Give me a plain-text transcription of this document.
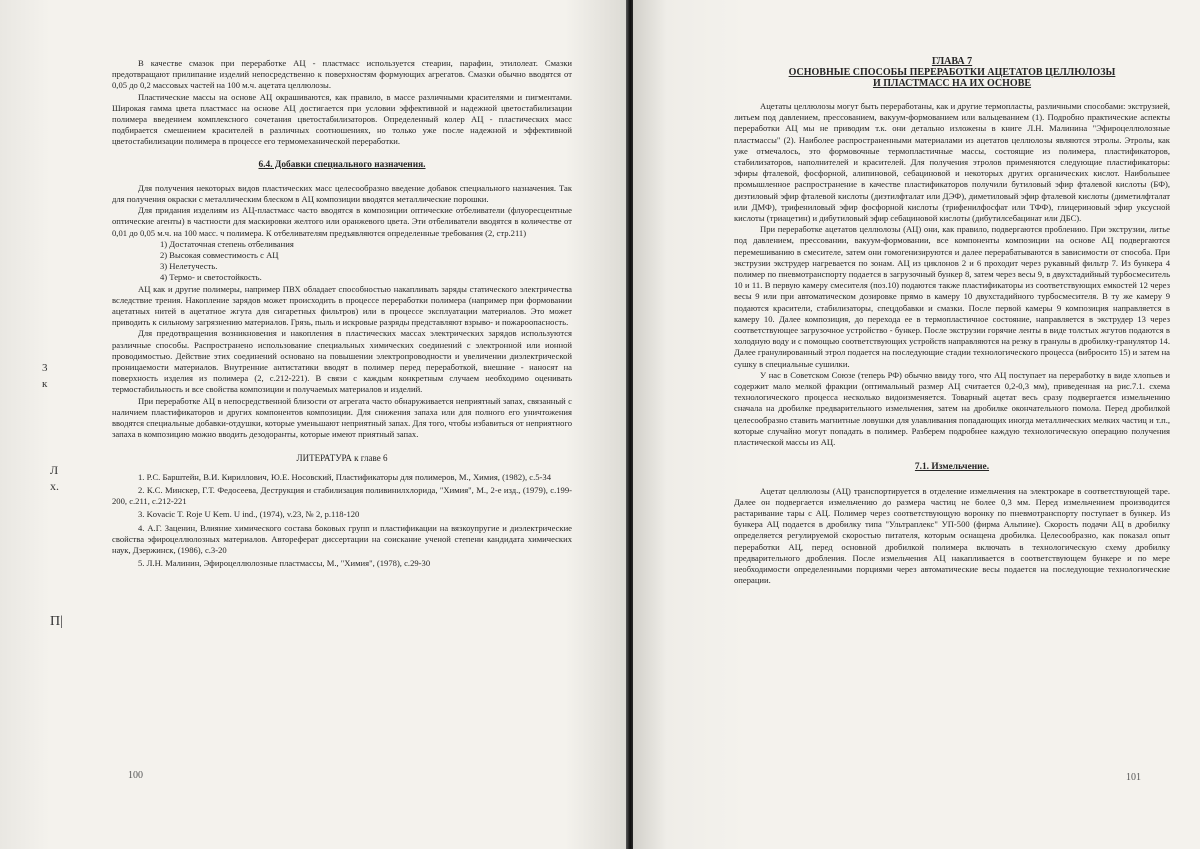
3
к
Л
х.
П|

В качестве смазок при переработке АЦ - пластмасс используется стеарин, парафин, этилолеат. Смазки предотвращают прилипание изделий непосредственно к поверхностям формующих агрегатов. Смазки обычно вводятся от 0,05 до 0,2 массовых частей на 100 м.ч. ацетата целлюлозы.

Пластические массы на основе АЦ окрашиваются, как правило, в массе различными красителями и пигментами. Широкая гамма цвета пластмасс на основе АЦ достигается при условии эффективной и надежной цветостабилизации полимера введением комплексного сочетания цветостабилизаторов. Определенный колер АЦ - пластических масс подбирается смешением красителей в различных соотношениях, но только уже после надежной и эффективной цветостабилизации полимера в процессе его термомеханической переработки.

6.4. Добавки специального назначения.

Для получения некоторых видов пластических масс целесообразно введение добавок специального назначения. Так для получения окраски с металлическим блеском в АЦ композиции вводятся металлические порошки.

Для придания изделиям из АЦ-пластмасс часто вводятся в композиции оптические отбеливатели (флуоресцентные оптические агенты) в частности для маскировки желтого или оранжевого цвета. Эти отбеливатели вводятся в количестве от 0,01 до 0,05 м.ч. на 100 масс. ч полимера. К отбеливателям предъявляются определенные требования (2, стр.211)

1) Достаточная степень отбеливания
2) Высокая совместимость с АЦ
3) Нелетучесть.
4) Термо- и светостойкость.

АЦ как и другие полимеры, например ПВХ обладает способностью накапливать заряды статического электричества вследствие трения. Накопление зарядов может происходить в процессе переработки полимера (например при формовании ацетатных нитей в ацетатное жгута для сигаретных фильтров) или в процессе эксплуатации материалов. Это может приводить к сильному загрязнению материалов. Грязь, пыль и искровые разряды представляют взрыво- и пожароопасность.

Для предотвращения возникновения и накопления в пластических массах электрических зарядов используются различные способы. Распространено использование специальных химических соединений с электронной или ионной проводимостью. Действие этих соединений основано на повышении электропроводности и увеличении диэлектрической проницаемости материалов. Внутренние антистатики вводят в полимер перед переработкой, внешние - наносят на поверхность изделия из полимера (2, с.212-221). В связи с каждым конкретным случаем необходимо оценивать термостабильность и все свойства композиции и получаемых материалов и изделий.

При переработке АЦ в непосредственной близости от агрегата часто обнаруживается неприятный запах, связанный с наличием пластификаторов и других компонентов композиции. Для снижения запаха или для полного его уничтожения вводятся специальные добавки-отдушки, которые уменьшают неприятный запах. Для того, чтобы избавиться от неприятного запаха в композицию можно вводить дезодоранты, которые имеют приятный запах.

ЛИТЕРАТУРА к главе 6

1. Р.С. Барштейн, В.И. Кириллович, Ю.Е. Носовский, Пластификаторы для полимеров, М., Химия, (1982), с.5-34

2. К.С. Минскер, Г.Т. Федосеева, Деструкция и стабилизация поливинилхлорида, "Химия", М., 2-е изд., (1979), с.199-200, с.211, с.212-221

3. Kovacic T. Roje U Kem. U ind., (1974), v.23, № 2, p.118-120

4. А.Г. Заценин, Влияние химического состава боковых групп и пластификации на вязкоупругие и диэлектрические свойства эфироцеллюлозных материалов. Автореферат диссертации на соискание ученой степени кандидата химических наук, Дзержинск, (1986), с.3-20

5. Л.Н. Малинин, Эфироцеллюлозные пластмассы, М., "Химия", (1978), с.29-30

100
ГЛАВА 7
ОСНОВНЫЕ СПОСОБЫ ПЕРЕРАБОТКИ АЦЕТАТОВ ЦЕЛЛЮЛОЗЫ
И ПЛАСТМАСС НА ИХ ОСНОВЕ

Ацетаты целлюлозы могут быть переработаны, как и другие термопласты, различными способами: экструзией, литьем под давлением, прессованием, вакуум-формованием или вальцеванием (1). Подробно практические аспекты переработки АЦ мы не приводим т.к. они детально изложены в книге Л.Н. Малинина "Эфироцеллюлозные пластмассы" (2). Наиболее распространенными материалами из ацетатов целлюлозы являются этролы. Этролы, как уже отмечалось, это формовочные термопластичные массы, состоящие из полимера, пластификаторов, стабилизаторов, наполнителей и красителей. Для получения этролов применяются следующие пластификаторы: эфиры фталевой, фосфорной, алипиновой, себациновой и некоторых других органических кислот. Наибольшее промышленное распространение в качестве пластификаторов получили бутиловый эфир фталевой кислоты (БФ), диэтиловый эфир фталевой кислоты (диэтилфталат или ДЭФ), диметиловый эфир фталевой кислоты (диметилфталат или ДМФ), трифениловый эфир фосфорной кислоты (трифенилфосфат или ТФФ), глицериновый эфир уксусной кислоты (триацетин) и дибутиловый эфир себациновой кислоты (дибутилсебацинат или ДБС).

При переработке ацетатов целлюлозы (АЦ) они, как правило, подвергаются проблению. При экструзии, литье под давлением, прессовании, вакуум-формовании, все компоненты композиции на основе АЦ подвергаются перемешиванию в смесителе, затем они гомогенизируются и далее перерабатываются в зависимости от способа. При экструзии экструдер нагревается по зонам. АЦ из циклонов 2 и 6 проходит через рукавный фильтр 7. Из бункера 4 полимер по пневмотранспорту подается в загрузочный бункер 8, затем через весы 9, в двухстадийный турбосмеситель 10 и 11. В первую камеру смесителя (поз.10) подаются также пластификаторы из соответствующих емкостей 12 через весы 9 или при автоматическом дозировке прямо в камеру 10 двухстадийного турбосмесителя. В ту же камеру 9 подаются красители, стабилизаторы, спецдобавки и смазки. После первой камеры 9 композиция направляется в камеру 10. Далее композиция, до перехода ее в термопластичное состояние, направляется в экструдер 13 через соответствующее загрузочное устройство - бункер. После экструзии горячие ленты в виде толстых жгутов подаются в холодную воду и с помощью соответствующих устройств направляются на резку в гранулы в дробилку-гранулятор 14. Далее гранулированный этрол подается на последующие стадии технологического процесса (вибросито 15) и затем на сушку в специальные сушилки.

У нас в Советском Союзе (теперь РФ) обычно ввиду того, что АЦ поступает на переработку в виде хлопьев и содержит мало мелкой фракции (оптимальный размер АЦ считается 0,2-0,3 мм), приведенная на рис.7.1. схема технологического процесса несколько видоизменяется. Товарный ацетат весь сразу подвергается измельчению сначала на дробилке предварительного измельчения, затем на дробилке окончательного помола. Перед дробилкой целесообразно ставить магнитные ловушки для улавливания попадающих иногда металлических мелких частиц и т.п., которые случайно могут попадать в полимер. Разберем подробнее каждую технологическую операцию получения пластической массы из АЦ.

7.1. Измельчение.

Ацетат целлюлозы (АЦ) транспортируется в отделение измельчения на электрокаре в соответствующей таре. Далее он подвергается измельчению до размера частиц не более 0,3 мм. Перед измельчением производится растаривание тары с АЦ. Полимер через соответствующую воронку по пневмотранспорту поступает в бункер. Из бункера АЦ подается в дробилку типа "Ультраплекс" УП-500 (фирма Альпине). Скорость подачи АЦ в дробилку определяется регулируемой скоростью питателя, которым оснащена дробилка. Целесообразно, как показал опыт переработки АЦ, перед основной дробилкой полимера включать в технологическую схему дробилку предварительного дробления. После измельчения АЦ накапливается в соответствующем бункере и по мере необходимости определенными порциями через автоматические весы подается на последующие технологические операции.

101
